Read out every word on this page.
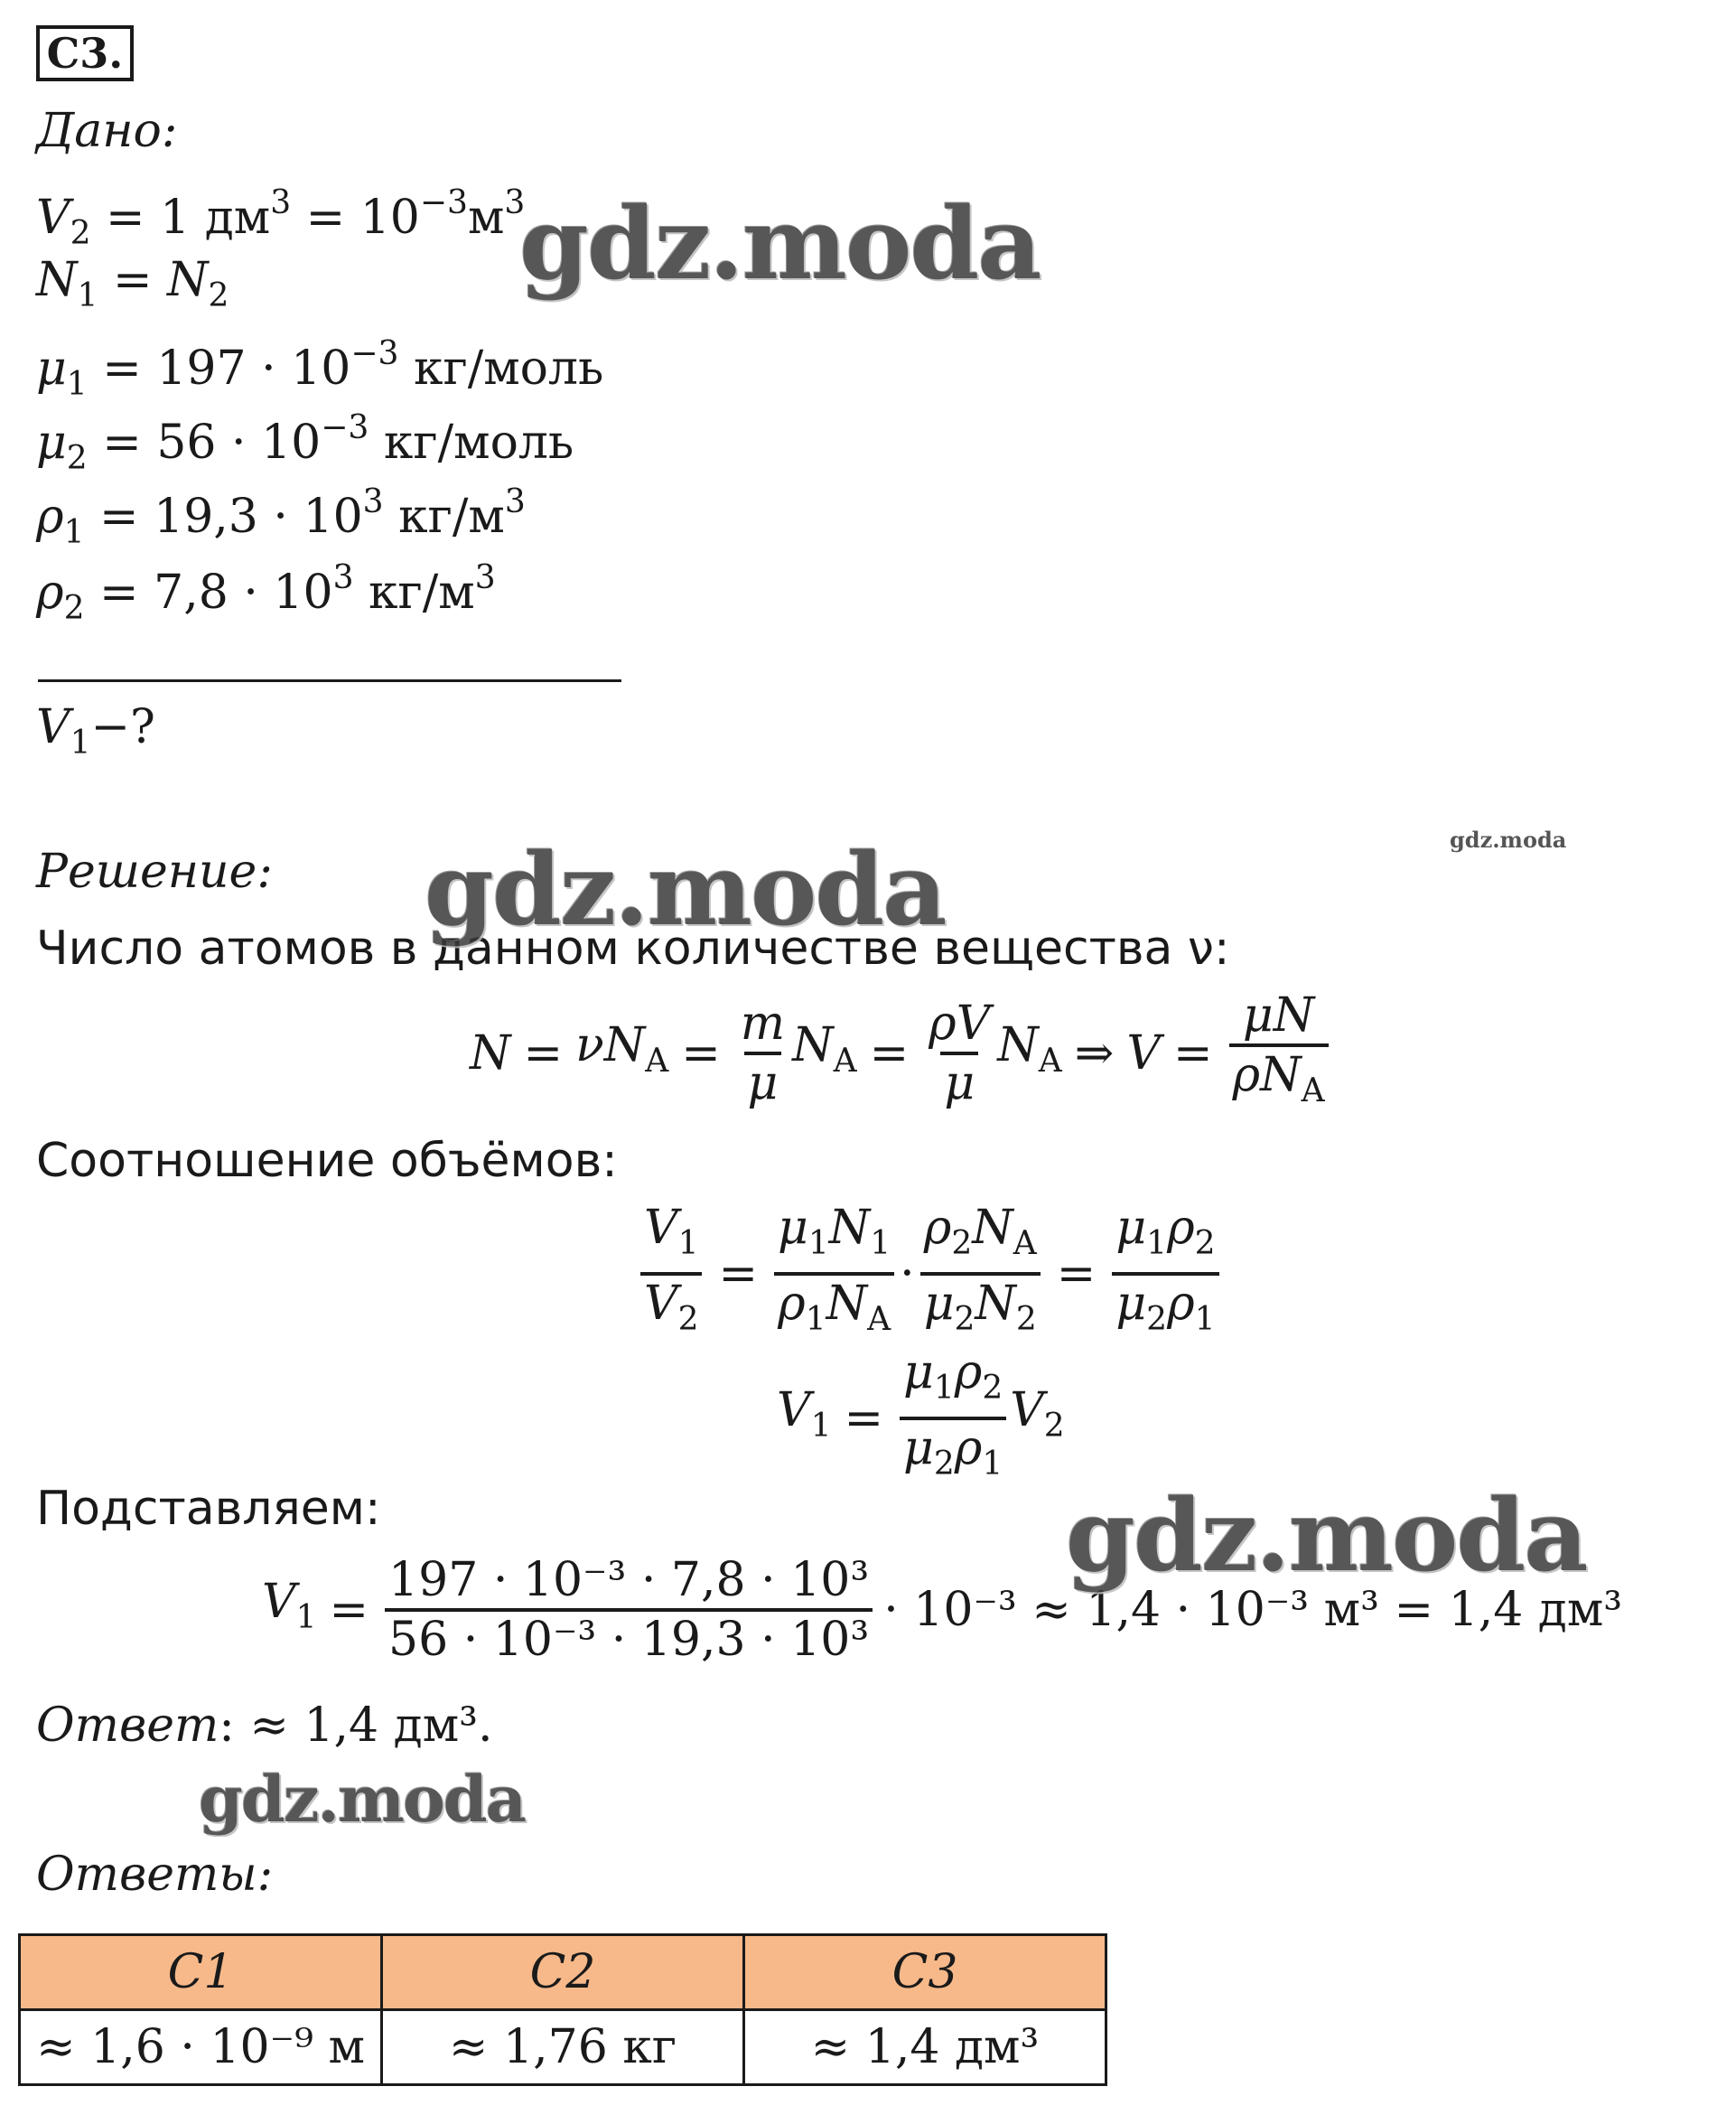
C3.
Дано:
$V_2 = 1$ $дм^3 = 10^{-3}м^3$
$N_1 = N_2$
$\mu_1 = 197 \cdot 10^{-3}$ кг/моль
$\mu_2 = 56 \cdot 10^{-3}$ кг/моль
$\rho_1 = 19,3 \cdot 10^3$ $кг/м^3$
$\rho_2 = 7,8 \cdot 10^3$ $кг/м^3$
$V_1-$?
Решение:
Число атомов в данном количестве вещества ν:
$N = \nu N_A = \frac{m}{\mu} N_A = \frac{\rho V}{\mu} N_A$ ⇒ $V = \frac{\mu N}{\rho N_A}$
Соотношение объёмов:
$\frac{V_1}{V_2} = \frac{\mu_1N_1}{\rho_1N_A} \cdot \frac{\rho_2N_A}{\mu_2N_2} = \frac{\mu_1\rho_2}{\mu_2\rho_1}$
$V_1 = \frac{\mu_1\rho_2}{\mu_2\rho_1} V_2$
Подставляем:
$V_1 = \frac{\text{197 · 10⁻³ · 7,8 · 10³}}{\text{56 · 10⁻³ · 19,3 · 10³}} \cdot 10^{-3} \approx 1,4 \cdot 10^{-3}$ м³ = 1,4 дм³
Ответ: ≈ 1,4 дм³.
Ответы:
C1	C2	C3
≈ 1,6 · 10⁻⁹ м	≈ 1,76 кг	≈ 1,4 дм³
gdz.moda
gdz.moda
gdz.moda
gdz.moda
gdz.moda
